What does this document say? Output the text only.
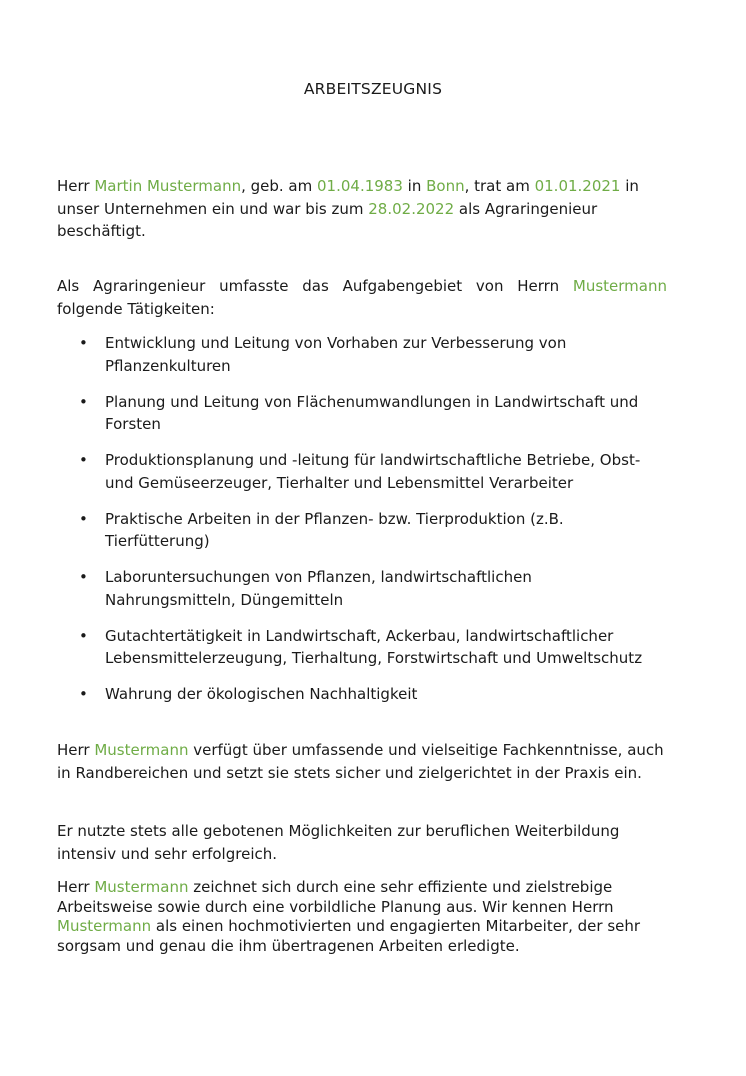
ARBEITSZEUGNIS

Herr Martin Mustermann, geb. am 01.04.1983 in Bonn, trat am 01.01.2021 in unser Unternehmen ein und war bis zum 28.02.2022 als Agraringenieur beschäftigt.

Als Agraringenieur umfasste das Aufgabengebiet von Herrn Mustermann folgende Tätigkeiten:

• Entwicklung und Leitung von Vorhaben zur Verbesserung von Pflanzenkulturen
• Planung und Leitung von Flächenumwandlungen in Landwirtschaft und Forsten
• Produktionsplanung und -leitung für landwirtschaftliche Betriebe, Obst- und Gemüseerzeuger, Tierhalter und Lebensmittel Verarbeiter
• Praktische Arbeiten in der Pflanzen- bzw. Tierproduktion (z.B. Tierfütterung)
• Laboruntersuchungen von Pflanzen, landwirtschaftlichen Nahrungsmitteln, Düngemitteln
• Gutachtertätigkeit in Landwirtschaft, Ackerbau, landwirtschaftlicher Lebensmittelerzeugung, Tierhaltung, Forstwirtschaft und Umweltschutz
• Wahrung der ökologischen Nachhaltigkeit

Herr Mustermann verfügt über umfassende und vielseitige Fachkenntnisse, auch in Randbereichen und setzt sie stets sicher und zielgerichtet in der Praxis ein.

Er nutzte stets alle gebotenen Möglichkeiten zur beruflichen Weiterbildung intensiv und sehr erfolgreich.

Herr Mustermann zeichnet sich durch eine sehr effiziente und zielstrebige Arbeitsweise sowie durch eine vorbildliche Planung aus. Wir kennen Herrn Mustermann als einen hochmotivierten und engagierten Mitarbeiter, der sehr sorgsam und genau die ihm übertragenen Arbeiten erledigte.
